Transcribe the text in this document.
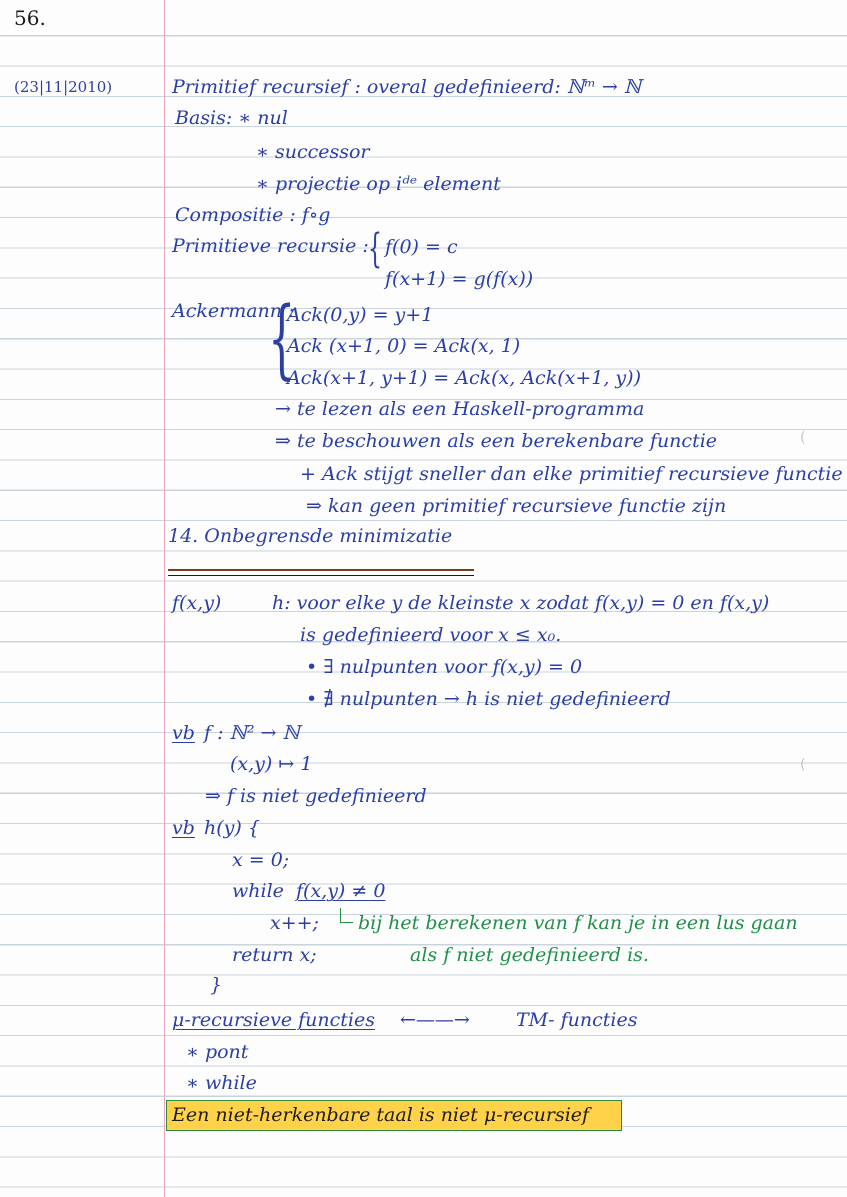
56.
(23|11|2010)	Primitief recursief : overal gedefinieerd: ℕᵐ → ℕ
Basis: ∗ nul
∗ successor
∗ projectie op iᵈᵉ element
Compositie : f∘g
Primitieve recursie : { f(0) = c
f(x+1) = g(f(x))
Ackermann :
{
Ack(0,y) = y+1
Ack (x+1, 0) = Ack(x, 1)
Ack(x+1, y+1) = Ack(x, Ack(x+1, y))
→ te lezen als een Haskell-programma
⇒ te beschouwen als een berekenbare functie
+ Ack stijgt sneller dan elke primitief recursieve functie
⇒ kan geen primitief recursieve functie zijn
14. Onbegrensde minimizatie
f(x,y)	h: voor elke y de kleinste x zodat f(x,y) = 0 en f(x,y)
is gedefinieerd voor x ≤ x₀.
• ∃ nulpunten voor f(x,y) = 0
• ∄ nulpunten → h is niet gedefinieerd
vb f : ℕ² → ℕ
(x,y) ↦ 1
⇒ f is niet gedefinieerd
vb h(y) {
x = 0;
while f(x,y) ≠ 0
x++; bij het berekenen van f kan je in een lus gaan
return x;	als f niet gedefinieerd is.
}
μ-recursieve functies ←——→ TM- functies
∗ pont
∗ while
Een niet-herkenbare taal is niet μ-recursief
(
(
